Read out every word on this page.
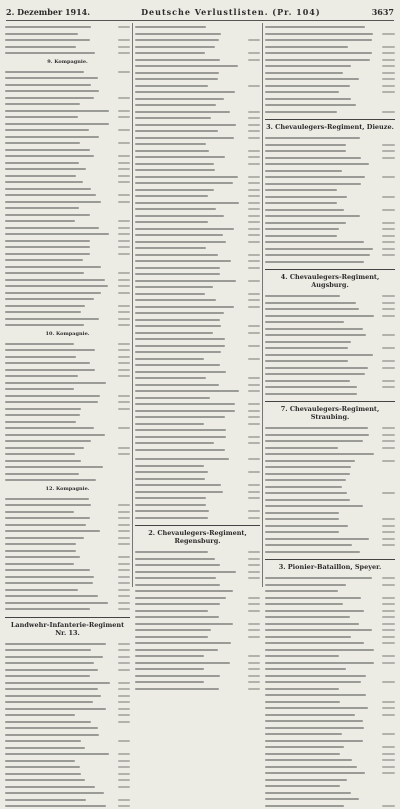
2. Dezember 1914.	Deutsche Verlustlisten. (Pr. 104)	3637
9. Kompagnie.
10. Kompagnie.
12. Kompagnie.
Landwehr-Infanterie-Regiment Nr. 13.
2. Chevaulegers-Regiment, Regensburg.
3. Chevaulegers-Regiment, Dieuze.
4. Chevaulegers-Regiment, Augsburg.
7. Chevaulegers-Regiment, Straubing.
3. Pionier-Bataillon, Speyer.
